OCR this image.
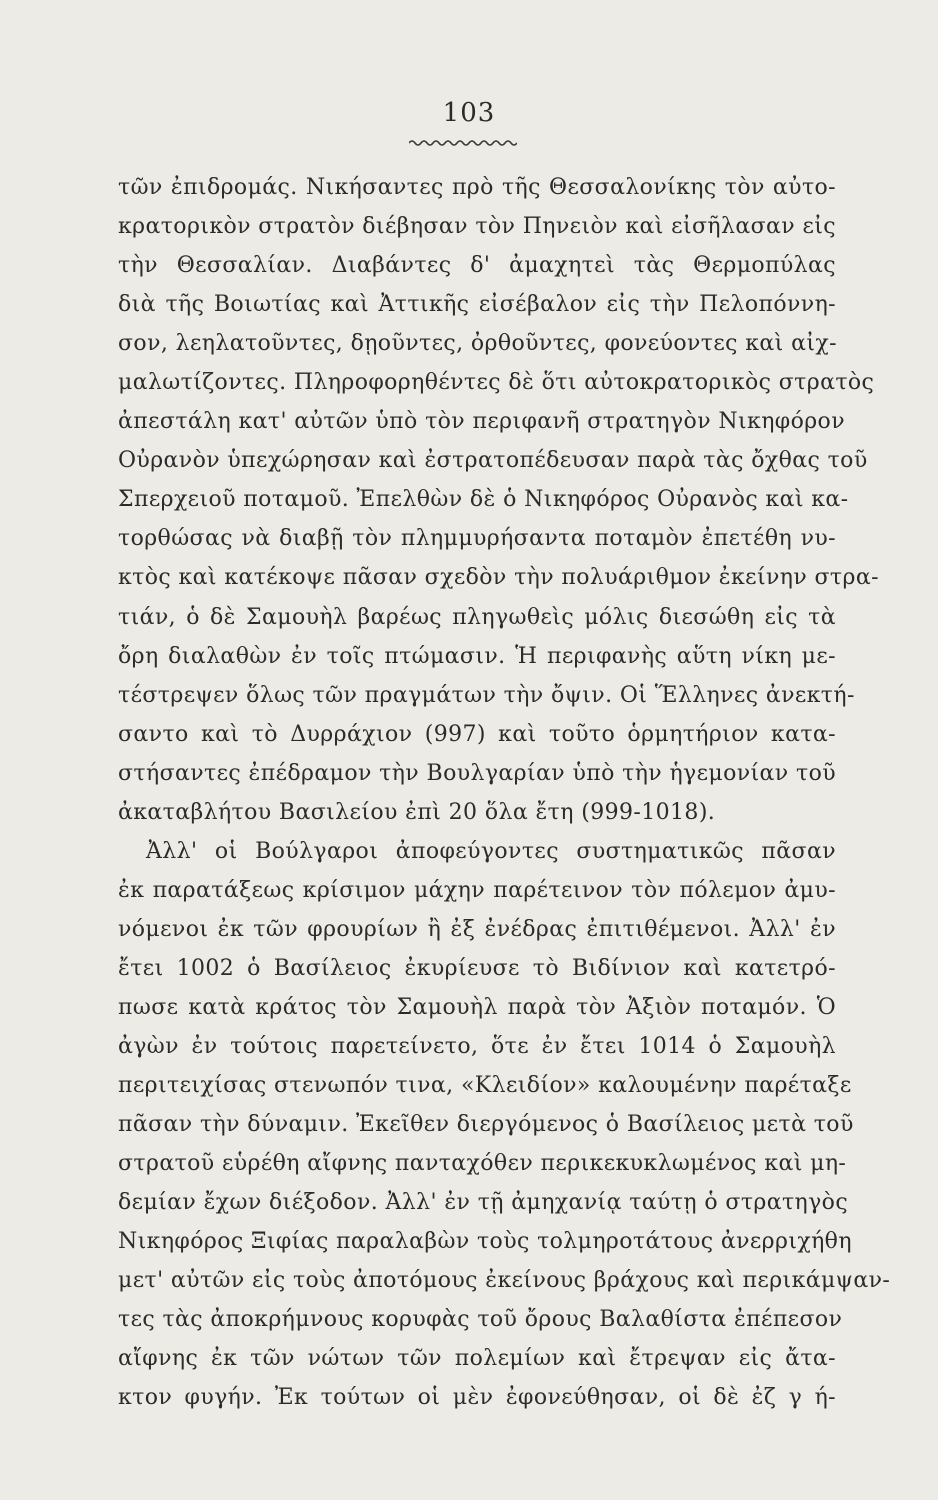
103
τῶν ἐπιδρομάς. Νικήσαντες πρὸ τῆς Θεσσαλονίκης τὸν αὐτο-
κρατορικὸν στρατὸν διέβησαν τὸν Πηνειὸν καὶ εἰσῆλασαν εἰς
τὴν Θεσσαλίαν. Διαβάντες δ' ἀμαχητεὶ τὰς Θερμοπύλας
διὰ τῆς Βοιωτίας καὶ Ἀττικῆς εἰσέβαλον εἰς τὴν Πελοπόννη-
σον, λεηλατοῦντες, δῃοῦντες, ὀρθοῦντες, φονεύοντες καὶ αἰχ-
μαλωτίζοντες. Πληροφορηθέντες δὲ ὅτι αὐτοκρατορικὸς στρατὸς
ἀπεστάλη κατ' αὐτῶν ὑπὸ τὸν περιφανῆ στρατηγὸν Νικηφόρον
Οὐρανὸν ὑπεχώρησαν καὶ ἐστρατοπέδευσαν παρὰ τὰς ὄχθας τοῦ
Σπερχειοῦ ποταμοῦ. Ἐπελθὼν δὲ ὁ Νικηφόρος Οὐρανὸς καὶ κα-
τορθώσας νὰ διαβῇ τὸν πλημμυρήσαντα ποταμὸν ἐπετέθη νυ-
κτὸς καὶ κατέκοψε πᾶσαν σχεδὸν τὴν πολυάριθμον ἐκείνην στρα-
τιάν, ὁ δὲ Σαμουὴλ βαρέως πληγωθεὶς μόλις διεσώθη εἰς τὰ
ὄρη διαλαθὼν ἐν τοῖς πτώμασιν. Ἡ περιφανὴς αὕτη νίκη με-
τέστρεψεν ὅλως τῶν πραγμάτων τὴν ὄψιν. Οἱ Ἕλληνες ἀνεκτή-
σαντο καὶ τὸ Δυρράχιον (997) καὶ τοῦτο ὁρμητήριον κατα-
στήσαντες ἐπέδραμον τὴν Βουλγαρίαν ὑπὸ τὴν ἡγεμονίαν τοῦ
ἀκαταβλήτου Βασιλείου ἐπὶ 20 ὅλα ἔτη (999-1018).
Ἀλλ' οἱ Βούλγαροι ἀποφεύγοντες συστηματικῶς πᾶσαν
ἐκ παρατάξεως κρίσιμον μάχην παρέτεινον τὸν πόλεμον ἀμυ-
νόμενοι ἐκ τῶν φρουρίων ἢ ἐξ ἐνέδρας ἐπιτιθέμενοι. Ἀλλ' ἐν
ἔτει 1002 ὁ Βασίλειος ἐκυρίευσε τὸ Βιδίνιον καὶ κατετρό-
πωσε κατὰ κράτος τὸν Σαμουὴλ παρὰ τὸν Ἀξιὸν ποταμόν. Ὁ
ἀγὼν ἐν τούτοις παρετείνετο, ὅτε ἐν ἔτει 1014 ὁ Σαμουὴλ
περιτειχίσας στενωπόν τινα, «Κλειδίον» καλουμένην παρέταξε
πᾶσαν τὴν δύναμιν. Ἐκεῖθεν διεργόμενος ὁ Βασίλειος μετὰ τοῦ
στρατοῦ εὑρέθη αἴφνης πανταχόθεν περικεκυκλωμένος καὶ μη-
δεμίαν ἔχων διέξοδον. Ἀλλ' ἐν τῇ ἀμηχανίᾳ ταύτῃ ὁ στρατηγὸς
Νικηφόρος Ξιφίας παραλαβὼν τοὺς τολμηροτάτους ἀνερριχήθη
μετ' αὐτῶν εἰς τοὺς ἀποτόμους ἐκείνους βράχους καὶ περικάμψαν-
τες τὰς ἀποκρήμνους κορυφὰς τοῦ ὄρους Βαλαθίστα ἐπέπεσον
αἴφνης ἐκ τῶν νώτων τῶν πολεμίων καὶ ἔτρεψαν εἰς ἄτα-
κτον φυγήν. Ἐκ τούτων οἱ μὲν ἐφονεύθησαν, οἱ δὲ ἐζ γ ή-
